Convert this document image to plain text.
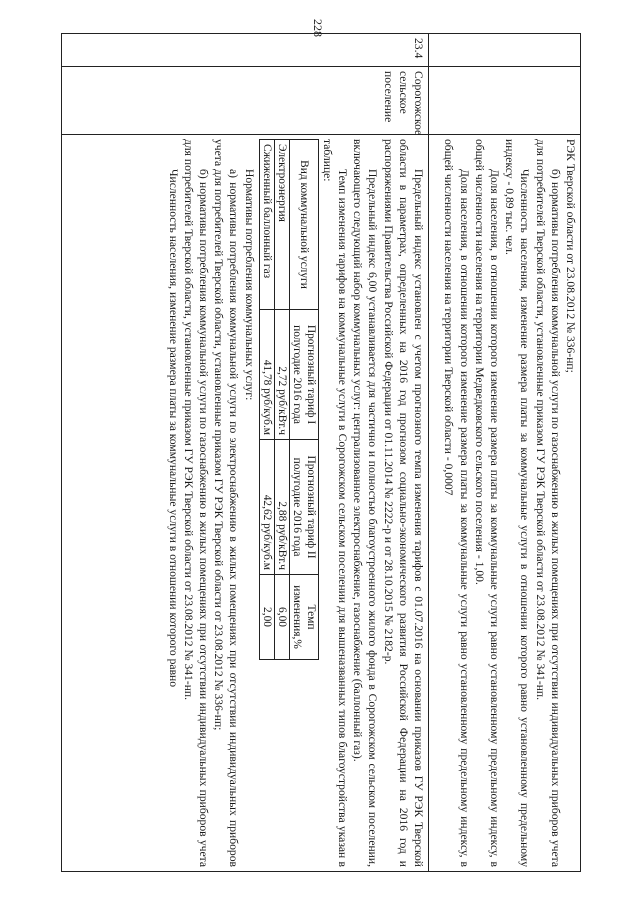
228

РЭК Тверской области от 23.08.2012 № 336-нп;

б) нормативы потребления коммунальной услуги по газоснабжению в жилых помещениях при отсутствии индивидуальных приборов учета для потребителей Тверской области, установленные приказом ГУ РЭК Тверской области от 23.08.2012 № 341-нп.

Численность населения, изменение размера платы за коммунальные услуги в отношении которого равно установленному предельному индексу - 0,89 тыс. чел.

Доля населения, в отношении которого изменение размера платы за коммунальные услуги равно установленному предельному индексу, в общей численности населения на территории Медведковского сельского поселения - 1,00.

Доля населения, в отношении которого изменение размера платы за коммунальные услуги равно установленному предельному индексу, в общей численности населения на территории Тверской области - 0,0007

23.4	Сорогожское сельское поселение	

Предельный индекс установлен с учетом прогнозного темпа изменения тарифов с 01.07.2016 на основании приказов ГУ РЭК Тверской области в параметрах, определенных на 2016 год прогнозом социально-экономического развития Российской Федерации на 2016 год и распоряжениями Правительства Российской Федерации от 01.11.2014 № 2222-р и от 28.10.2015 № 2182-р.

Предельный индекс 6,00 устанавливается для частично и полностью благоустроенного жилого фонда в Сорогожском сельском поселении, включающего следующий набор коммунальных услуг: централизованное электроснабжение, газоснабжение (баллонный газ).

Темп изменения тарифов на коммунальные услуги в Сорогожском сельском поселении для вышеназванных типов благоустройства указан в таблице:

Вид коммунальной услуги	Прогнозный тариф I полугодие 2016 года	Прогнозный тариф II полугодие 2016 года	Темп изменения,%
Электроэнергия	2,72 руб/кВт.ч	2,88 руб/кВт.ч	6,00
Сжиженный баллонный газ	41,78 руб/куб.м	42,62 руб/куб.м	2,00

Нормативы потребления коммунальных услуг:

а) нормативы потребления коммунальной услуги по электроснабжению в жилых помещениях при отсутствии индивидуальных приборов учета для потребителей Тверской области, установленные приказом ГУ РЭК Тверской области от 23.08.2012 № 336-нп;

б) нормативы потребления коммунальной услуги по газоснабжению в жилых помещениях при отсутствии индивидуальных приборов учета для потребителей Тверской области, установленные приказом ГУ РЭК Тверской области от 23.08.2012 № 341-нп.

Численность населения, изменение размера платы за коммунальные услуги в отношении которого равно
